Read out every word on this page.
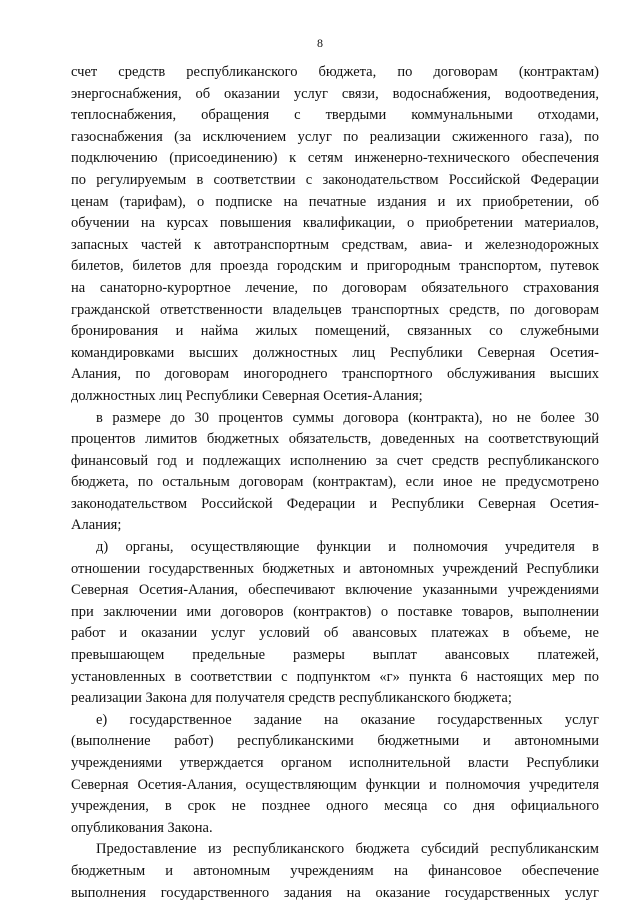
8
счет средств республиканского бюджета, по договорам (контрактам)
энергоснабжения, об оказании услуг связи, водоснабжения, водоотведения,
теплоснабжения, обращения с твердыми коммунальными отходами,
газоснабжения (за исключением услуг по реализации сжиженного газа), по
подключению (присоединению) к сетям инженерно-технического обеспечения
по регулируемым в соответствии с законодательством Российской Федерации
ценам (тарифам), о подписке на печатные издания и их приобретении, об
обучении на курсах повышения квалификации, о приобретении материалов,
запасных частей к автотранспортным средствам, авиа- и железнодорожных
билетов, билетов для проезда городским и пригородным транспортом, путевок
на санаторно-курортное лечение, по договорам обязательного страхования
гражданской ответственности владельцев транспортных средств, по договорам
бронирования и найма жилых помещений, связанных со служебными
командировками высших должностных лиц Республики Северная Осетия-
Алания, по договорам иногороднего транспортного обслуживания высших
должностных лиц Республики Северная Осетия-Алания;
в размере до 30 процентов суммы договора (контракта), но не более 30
процентов лимитов бюджетных обязательств, доведенных на соответствующий
финансовый год и подлежащих исполнению за счет средств республиканского
бюджета, по остальным договорам (контрактам), если иное не предусмотрено
законодательством Российской Федерации и Республики Северная Осетия-
Алания;
д) органы, осуществляющие функции и полномочия учредителя в
отношении государственных бюджетных и автономных учреждений Республики
Северная Осетия-Алания, обеспечивают включение указанными учреждениями
при заключении ими договоров (контрактов) о поставке товаров, выполнении
работ и оказании услуг условий об авансовых платежах в объеме, не
превышающем предельные размеры выплат авансовых платежей,
установленных в соответствии с подпунктом «г» пункта 6 настоящих мер по
реализации Закона для получателя средств республиканского бюджета;
е) государственное задание на оказание государственных услуг
(выполнение работ) республиканскими бюджетными и автономными
учреждениями утверждается органом исполнительной власти Республики
Северная Осетия-Алания, осуществляющим функции и полномочия учредителя
учреждения, в срок не позднее одного месяца со дня официального
опубликования Закона.
Предоставление из республиканского бюджета субсидий республиканским
бюджетным и автономным учреждениям на финансовое обеспечение
выполнения государственного задания на оказание государственных услуг
